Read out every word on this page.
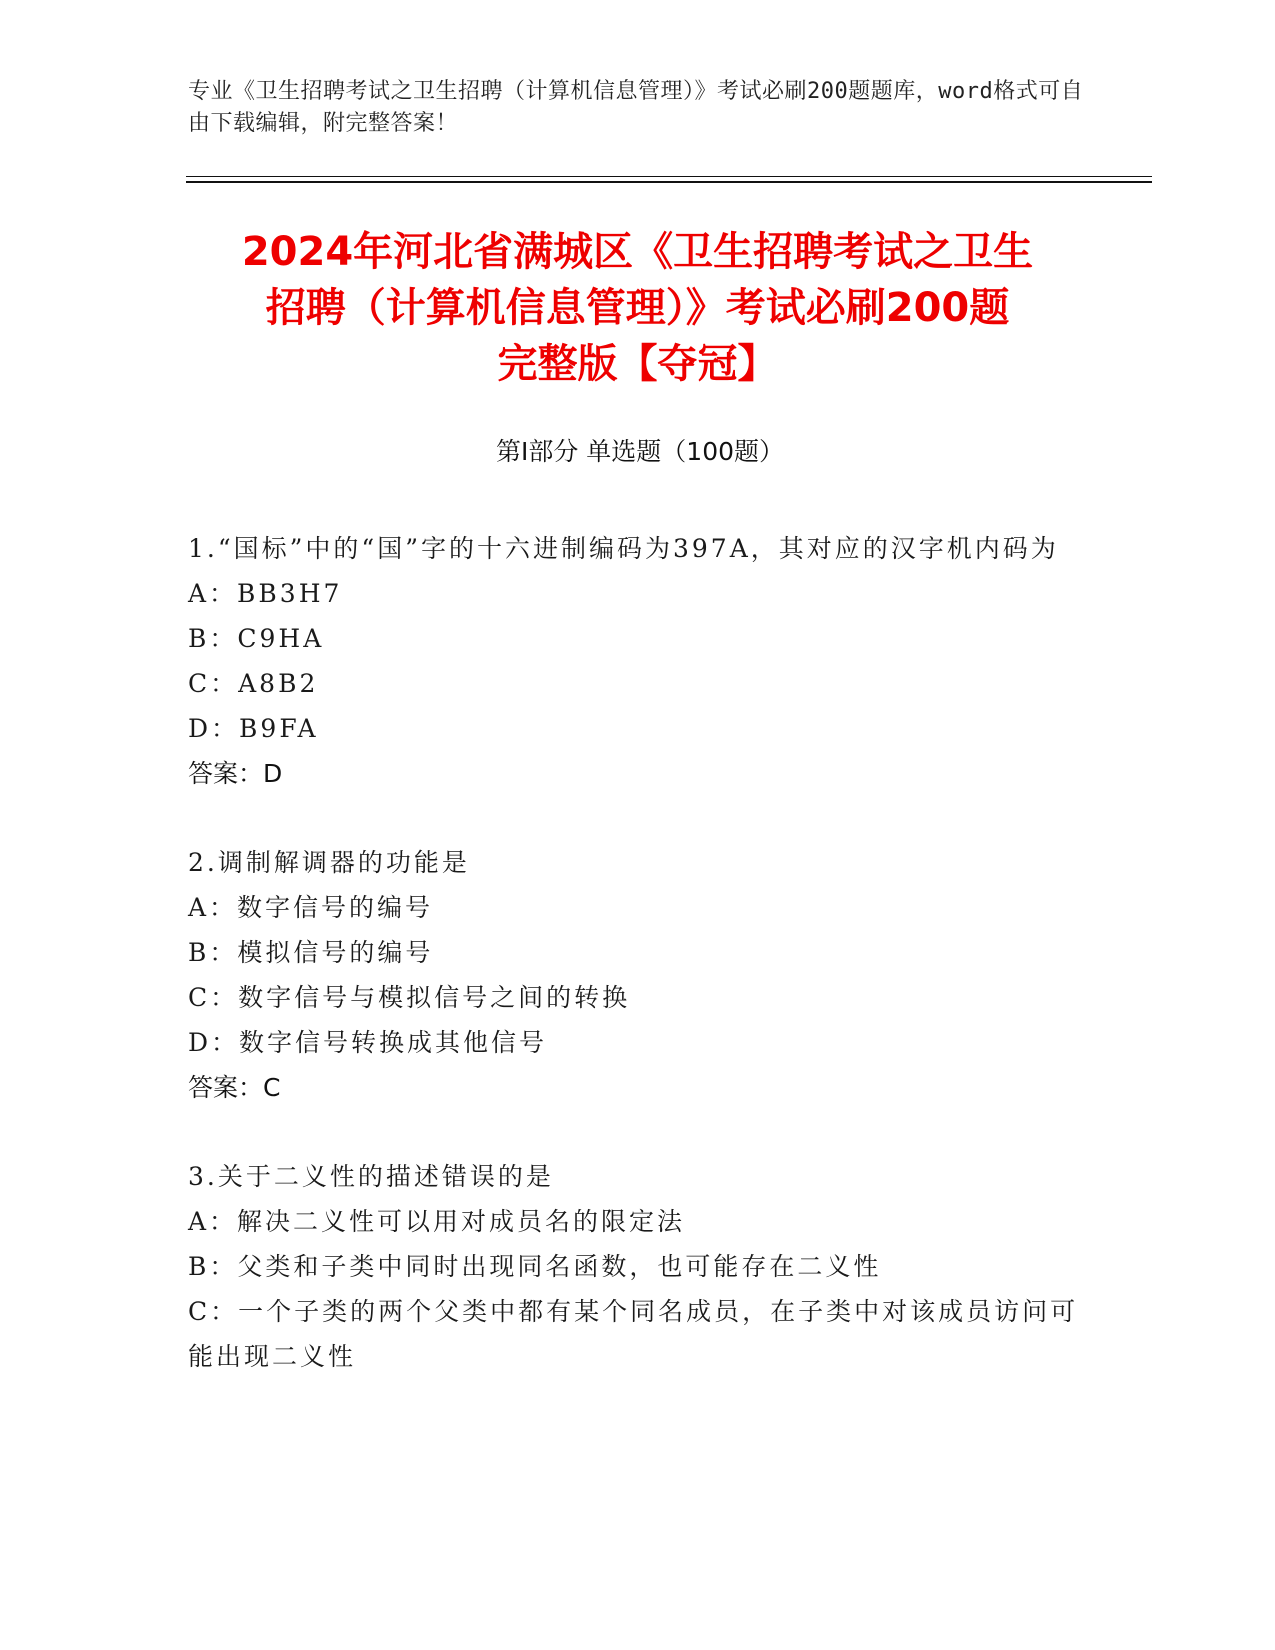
专业《卫生招聘考试之卫生招聘（计算机信息管理）》考试必刷200题题库，word格式可自由下载编辑，附完整答案！
2024年河北省满城区《卫生招聘考试之卫生
招聘（计算机信息管理）》考试必刷200题
完整版【夺冠】
第Ⅰ部分 单选题（100题）
1.“国标”中的“国”字的十六进制编码为397A，其对应的汉字机内码为
A：BB3H7
B：C9HA
C：A8B2
D：B9FA
答案：D
2.调制解调器的功能是
A：数字信号的编号
B：模拟信号的编号
C：数字信号与模拟信号之间的转换
D：数字信号转换成其他信号
答案：C
3.关于二义性的描述错误的是
A：解决二义性可以用对成员名的限定法
B：父类和子类中同时出现同名函数，也可能存在二义性
C：一个子类的两个父类中都有某个同名成员，在子类中对该成员访问可能出现二义性
